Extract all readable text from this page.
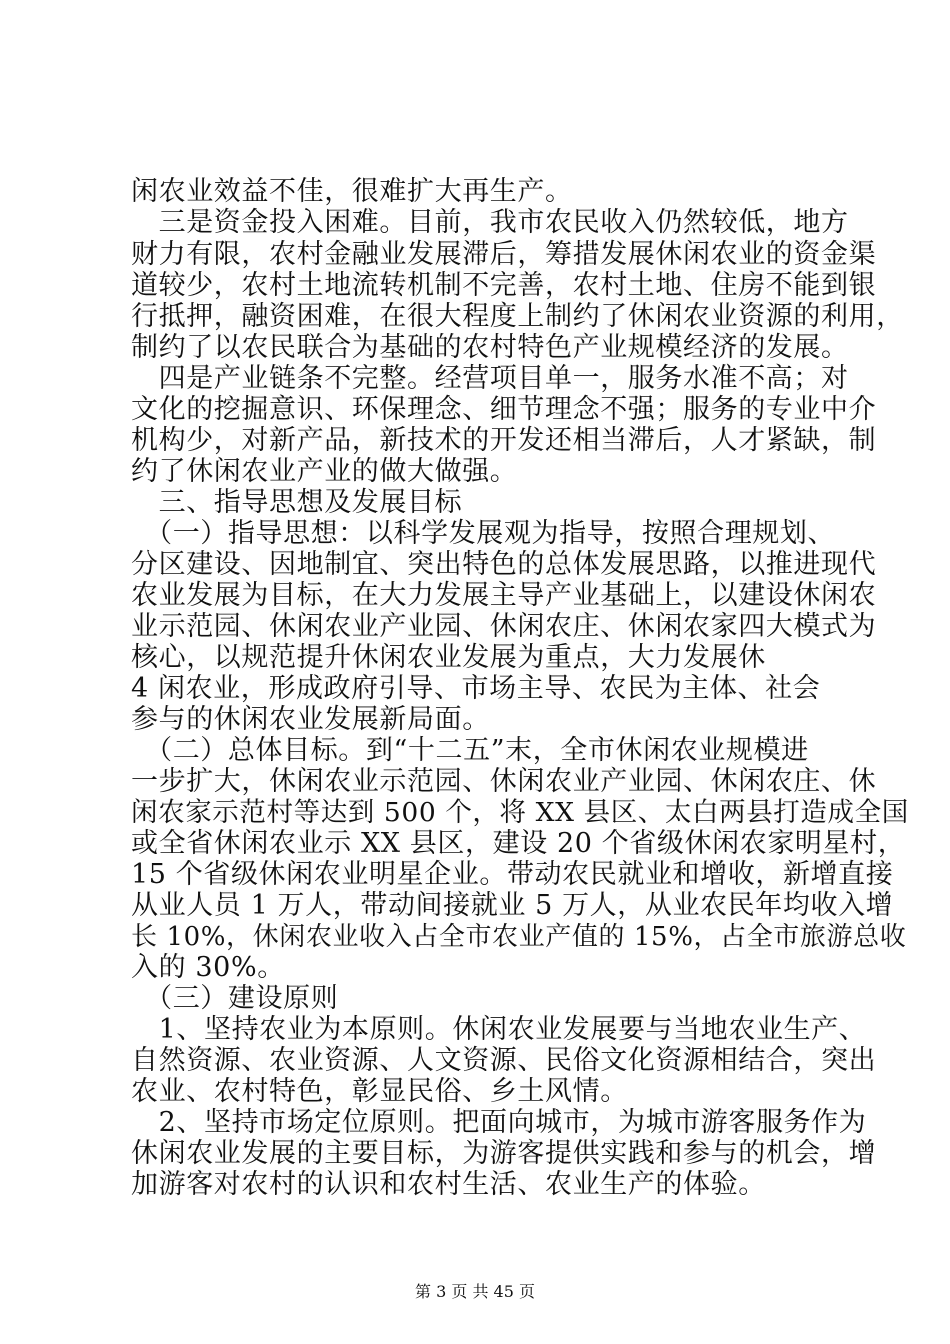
闲农业效益不佳，很难扩大再生产。
　三是资金投入困难。目前，我市农民收入仍然较低，地方
财力有限，农村金融业发展滞后，筹措发展休闲农业的资金渠
道较少，农村土地流转机制不完善，农村土地、住房不能到银
行抵押，融资困难，在很大程度上制约了休闲农业资源的利用，
制约了以农民联合为基础的农村特色产业规模经济的发展。
　四是产业链条不完整。经营项目单一，服务水准不高；对
文化的挖掘意识、环保理念、细节理念不强；服务的专业中介
机构少，对新产品，新技术的开发还相当滞后，人才紧缺，制
约了休闲农业产业的做大做强。
　三、指导思想及发展目标
　（一）指导思想：以科学发展观为指导，按照合理规划、
分区建设、因地制宜、突出特色的总体发展思路，以推进现代
农业发展为目标，在大力发展主导产业基础上，以建设休闲农
业示范园、休闲农业产业园、休闲农庄、休闲农家四大模式为
核心，以规范提升休闲农业发展为重点，大力发展休
4 闲农业，形成政府引导、市场主导、农民为主体、社会
参与的休闲农业发展新局面。
　（二）总体目标。到“十二五”末，全市休闲农业规模进
一步扩大，休闲农业示范园、休闲农业产业园、休闲农庄、休
闲农家示范村等达到 500 个，将 XX 县区、太白两县打造成全国
或全省休闲农业示 XX 县区，建设 20 个省级休闲农家明星村，
15 个省级休闲农业明星企业。带动农民就业和增收，新增直接
从业人员 1 万人，带动间接就业 5 万人，从业农民年均收入增
长 10%，休闲农业收入占全市农业产值的 15%，占全市旅游总收
入的 30%。
　（三）建设原则
　1、坚持农业为本原则。休闲农业发展要与当地农业生产、
自然资源、农业资源、人文资源、民俗文化资源相结合，突出
农业、农村特色，彰显民俗、乡土风情。
　2、坚持市场定位原则。把面向城市，为城市游客服务作为
休闲农业发展的主要目标，为游客提供实践和参与的机会，增
加游客对农村的认识和农村生活、农业生产的体验。
第 3 页 共 45 页
